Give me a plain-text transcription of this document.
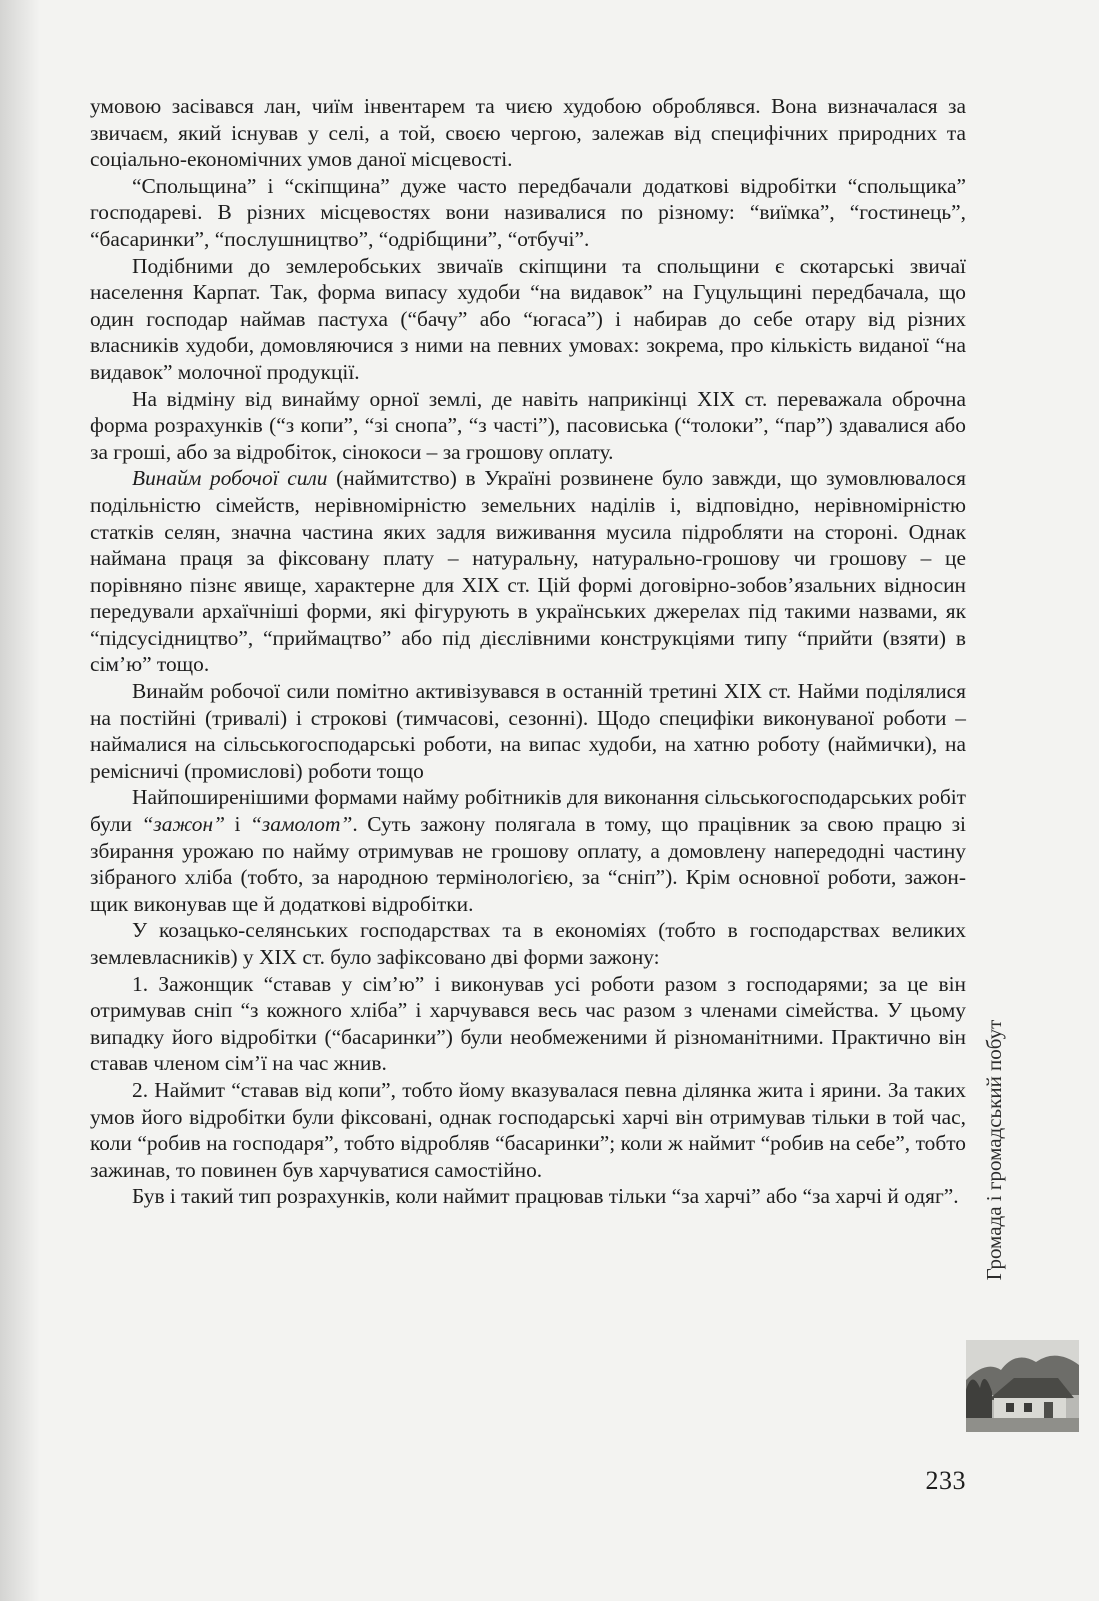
умовою засівався лан, чиїм інвентарем та чиєю худобою оброблявся. Вона визначалася за звичаєм, який існував у селі, а той, своєю чергою, залежав від специфічних природних та соціально-економічних умов даної місцевості.

“Спольщина” і “скіпщина” дуже часто передбачали додаткові відробітки “спольщика” господареві. В різних місцевостях вони називалися по різному: “виїмка”, “гостинець”, “басаринки”, “послушництво”, “одрібщини”, “отбучі”.

Подібними до землеробських звичаїв скіпщини та спольщини є скотарські звичаї населення Карпат. Так, форма випасу худоби “на видавок” на Гуцульщині передбачала, що один господар наймав пастуха (“бачу” або “югаса”) і набирав до себе отару від різних власників худоби, домовляючися з ними на певних умовах: зокрема, про кількість виданої “на видавок” молочної продукції.

На відміну від винайму орної землі, де навіть наприкінці XIX ст. переважала оброчна форма розрахунків (“з копи”, “зі снопа”, “з часті”), пасовиська (“толоки”, “пар”) здавалися або за гроші, або за відробіток, сінокоси – за грошову оплату.

Винайм робочої сили (наймитство) в Україні розвинене було завжди, що зумовлювалося подільністю сімейств, нерівномірністю земельних наділів і, відповідно, нерівномірністю статків селян, значна частина яких задля виживання мусила підробляти на стороні. Однак наймана праця за фіксовану плату – натуральну, натурально-грошову чи грошову – це порівняно пізнє явище, характерне для XIX ст. Цій формі договірно-зобов’язальних відносин передували архаїчніші форми, які фігурують в українських джерелах під такими назвами, як “підсусідництво”, “приймацтво” або під дієслівними конструкціями типу “прийти (взяти) в сім’ю” тощо.

Винайм робочої сили помітно активізувався в останній третині XIX ст. Найми поділялися на постійні (тривалі) і строкові (тимчасові, сезонні). Щодо специфіки виконуваної роботи – наймалися на сільськогосподарські роботи, на випас худоби, на хатню роботу (наймички), на ремісничі (промислові) роботи тощо

Найпоширенішими формами найму робітників для виконання сільськогосподарських робіт були “зажон” і “замолот”. Суть зажону полягала в тому, що працівник за свою працю зі збирання урожаю по найму отримував не грошову оплату, а домовлену напередодні частину зібраного хліба (тобто, за народною термінологією, за “сніп”). Крім основної роботи, зажонщик виконував ще й додаткові відробітки.

У козацько-селянських господарствах та в економіях (тобто в господарствах великих землевласників) у XIX ст. було зафіксовано дві форми зажону:

1. Зажонщик “ставав у сім’ю” і виконував усі роботи разом з господарями; за це він отримував сніп “з кожного хліба” і харчувався весь час разом з членами сімейства. У цьому випадку його відробітки (“басаринки”) були необмеженими й різноманітними. Практично він ставав членом сім’ї на час жнив.

2. Наймит “ставав від копи”, тобто йому вказувалася певна ділянка жита і ярини. За таких умов його відробітки були фіксовані, однак господарські харчі він отримував тільки в той час, коли “робив на господаря”, тобто відробляв “басаринки”; коли ж наймит “робив на себе”, тобто зажинав, то повинен був харчуватися самостійно.

Був і такий тип розрахунків, коли наймит працював тільки “за харчі” або “за харчі й одяг”.	Громада і громадський побут
233
